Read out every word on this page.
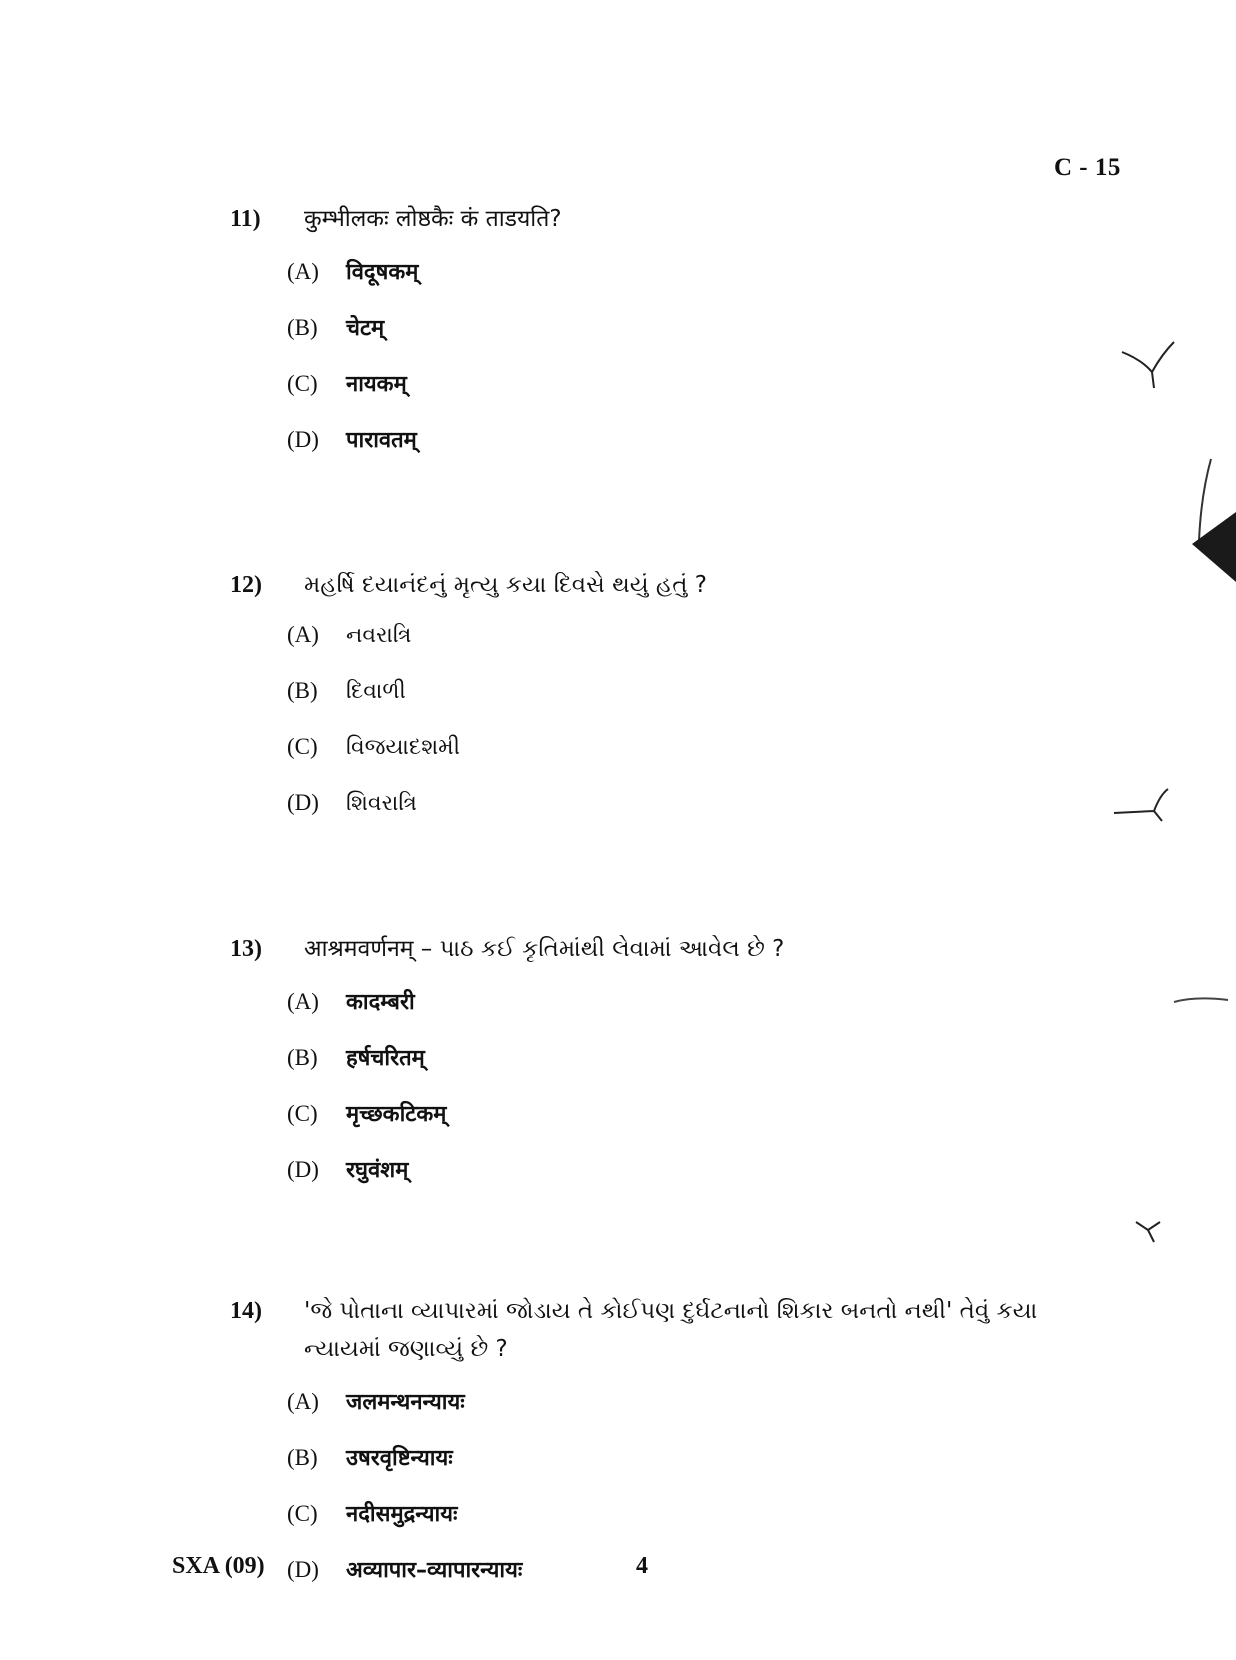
C - 15
11)	कुम्भीलकः लोष्ठकैः कं ताडयति?
(A)	विदूषकम्
(B)	चेटम्
(C)	नायकम्
(D)	पारावतम्
12)	મહર્ષિ દયાનંદનું મૃત્યુ કયા દિવસે થયું હતું ?
(A)	નવરાત્રિ
(B)	દિવાળી
(C)	વિજયાદશમી
(D)	શિવરાત્રિ
13)	आश्रमवर्णनम् – પાઠ કઈ કૃતિમાંથી લેવામાં આવેલ છે ?
(A)	कादम्बरी
(B)	हर्षचरितम्
(C)	मृच्छकटिकम्
(D)	रघुवंशम्
14)	'જે પોતાના વ્યાપારમાં જોડાય તે કોઈપણ દુર્ઘટનાનો શિકાર બનતો નથી' તેવું કયા ન્યાયમાં જણાવ્યું છે ?
(A)	जलमन्थनन्यायः
(B)	उषरवृष्टिन्यायः
(C)	नदीसमुद्रन्यायः
(D)	अव्यापार–व्यापारन्यायः
SXA (09)	4
